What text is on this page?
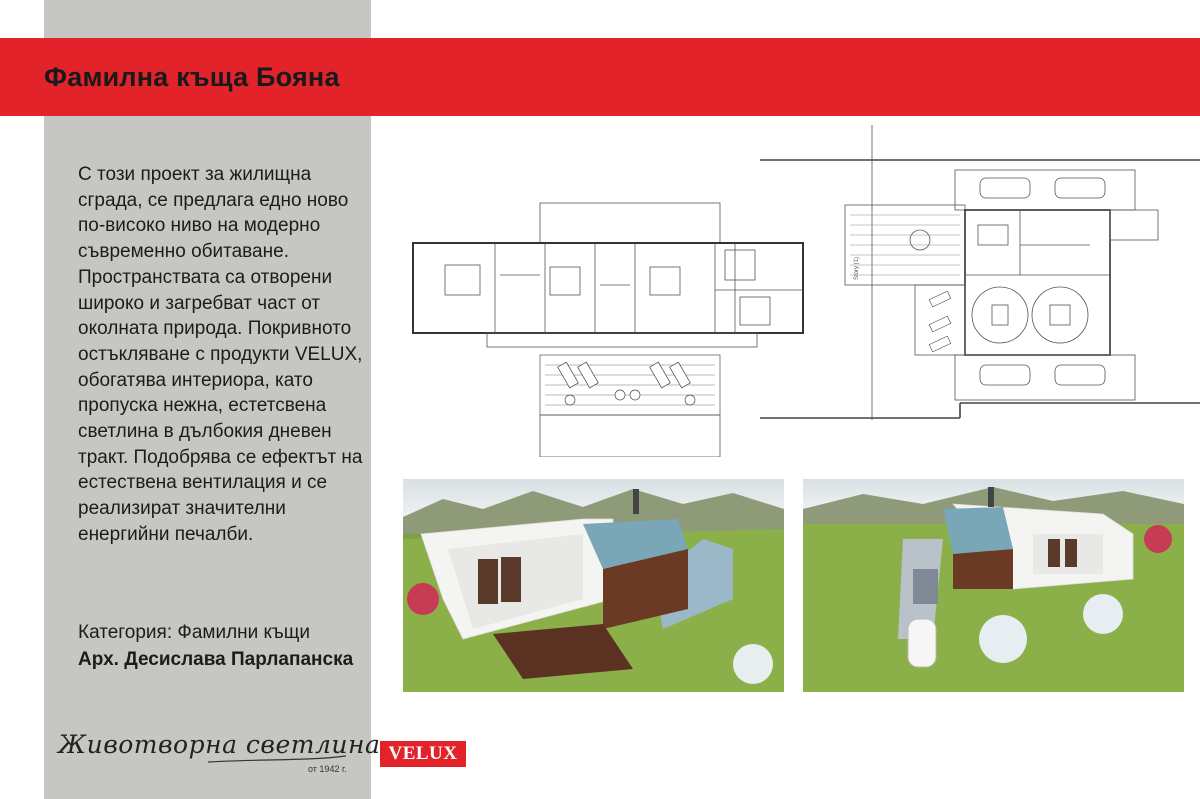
Фамилна къща Бояна

С този проект за жилищна сграда, се предлага едно ново по-високо ниво на модерно съвременно обитаване. Пространствата са отворени широко и загребват част от околната природа. Покривното остъкляване с продукти VELUX, обогатява интериора, като пропуска нежна, естетсвена светлина в дълбокия дневен тракт. Подобрява се ефектът на естествена вентилация и се реализират значителни енергийни печалби.

Категория: Фамилни къщи

Арх. Десислава Парлапанска

Животворна светлина
от 1942 г.
VELUX
Story (1)
